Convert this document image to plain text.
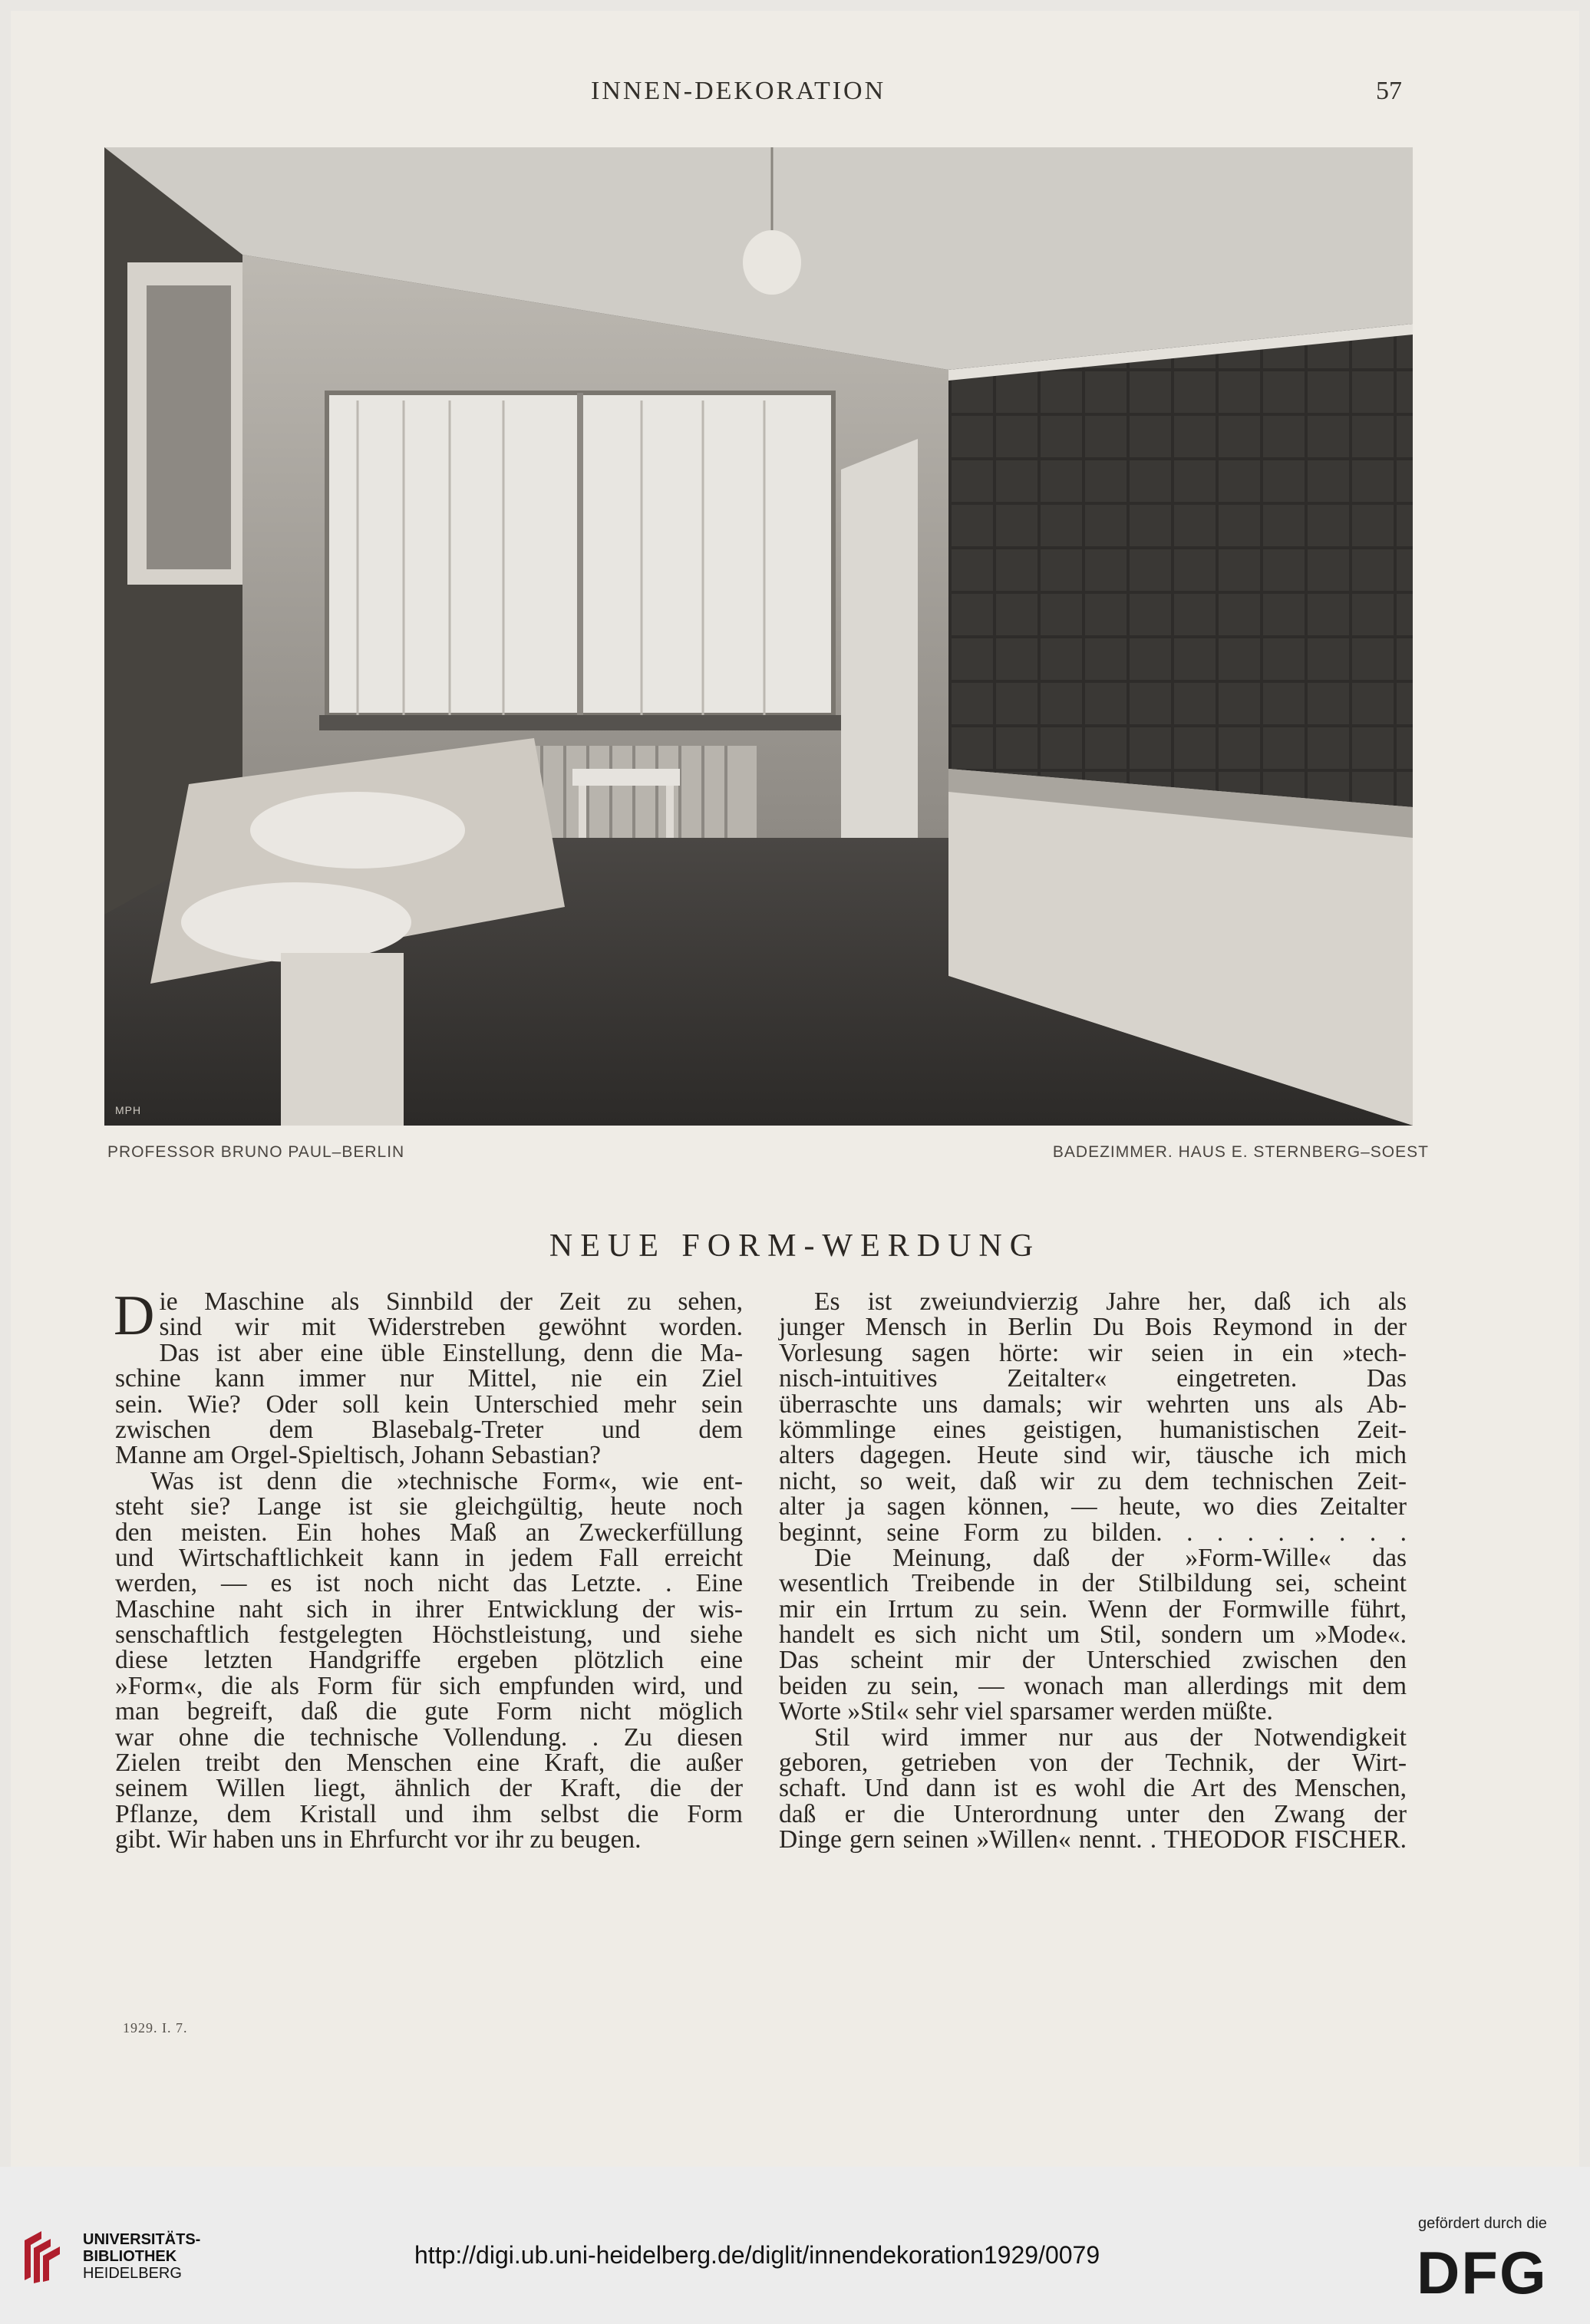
INNEN-DEKORATION	57
MPH
PROFESSOR BRUNO PAUL–BERLIN	BADEZIMMER. HAUS E. STERNBERG–SOEST
NEUE FORM-WERDUNG
D ie Maschine als Sinnbild der Zeit zu sehen,
sind wir mit Widerstreben gewöhnt worden.
Das ist aber eine üble Einstellung, denn die Ma-
schine kann immer nur Mittel, nie ein Ziel
sein. Wie? Oder soll kein Unterschied mehr sein
zwischen dem Blasebalg-Treter und dem
Manne am Orgel-Spieltisch, Johann Sebastian?
Was ist denn die »technische Form«, wie ent-
steht sie? Lange ist sie gleichgültig, heute noch
den meisten. Ein hohes Maß an Zweckerfüllung
und Wirtschaftlichkeit kann in jedem Fall erreicht
werden, — es ist noch nicht das Letzte. . Eine
Maschine naht sich in ihrer Entwicklung der wis-
senschaftlich festgelegten Höchstleistung, und siehe
diese letzten Handgriffe ergeben plötzlich eine
»Form«, die als Form für sich empfunden wird, und
man begreift, daß die gute Form nicht möglich
war ohne die technische Vollendung. . Zu diesen
Zielen treibt den Menschen eine Kraft, die außer
seinem Willen liegt, ähnlich der Kraft, die der
Pflanze, dem Kristall und ihm selbst die Form
gibt. Wir haben uns in Ehrfurcht vor ihr zu beugen.
Es ist zweiundvierzig Jahre her, daß ich als
junger Mensch in Berlin Du Bois Reymond in der
Vorlesung sagen hörte: wir seien in ein »tech-
nisch-intuitives Zeitalter« eingetreten. Das
überraschte uns damals; wir wehrten uns als Ab-
kömmlinge eines geistigen, humanistischen Zeit-
alters dagegen. Heute sind wir, täusche ich mich
nicht, so weit, daß wir zu dem technischen Zeit-
alter ja sagen können, — heute, wo dies Zeitalter
beginnt, seine Form zu bilden. . . . . . . . .
Die Meinung, daß der »Form-Wille« das
wesentlich Treibende in der Stilbildung sei, scheint
mir ein Irrtum zu sein. Wenn der Formwille führt,
handelt es sich nicht um Stil, sondern um »Mode«.
Das scheint mir der Unterschied zwischen den
beiden zu sein, — wonach man allerdings mit dem
Worte »Stil« sehr viel sparsamer werden müßte.
Stil wird immer nur aus der Notwendigkeit
geboren, getrieben von der Technik, der Wirt-
schaft. Und dann ist es wohl die Art des Menschen,
daß er die Unterordnung unter den Zwang der
Dinge gern seinen »Willen« nennt. . THEODOR FISCHER.
1929. I. 7.
UNIVERSITÄTS-
BIBLIOTHEK
HEIDELBERG
http://digi.ub.uni-heidelberg.de/diglit/innendekoration1929/0079
gefördert durch die
DFG
